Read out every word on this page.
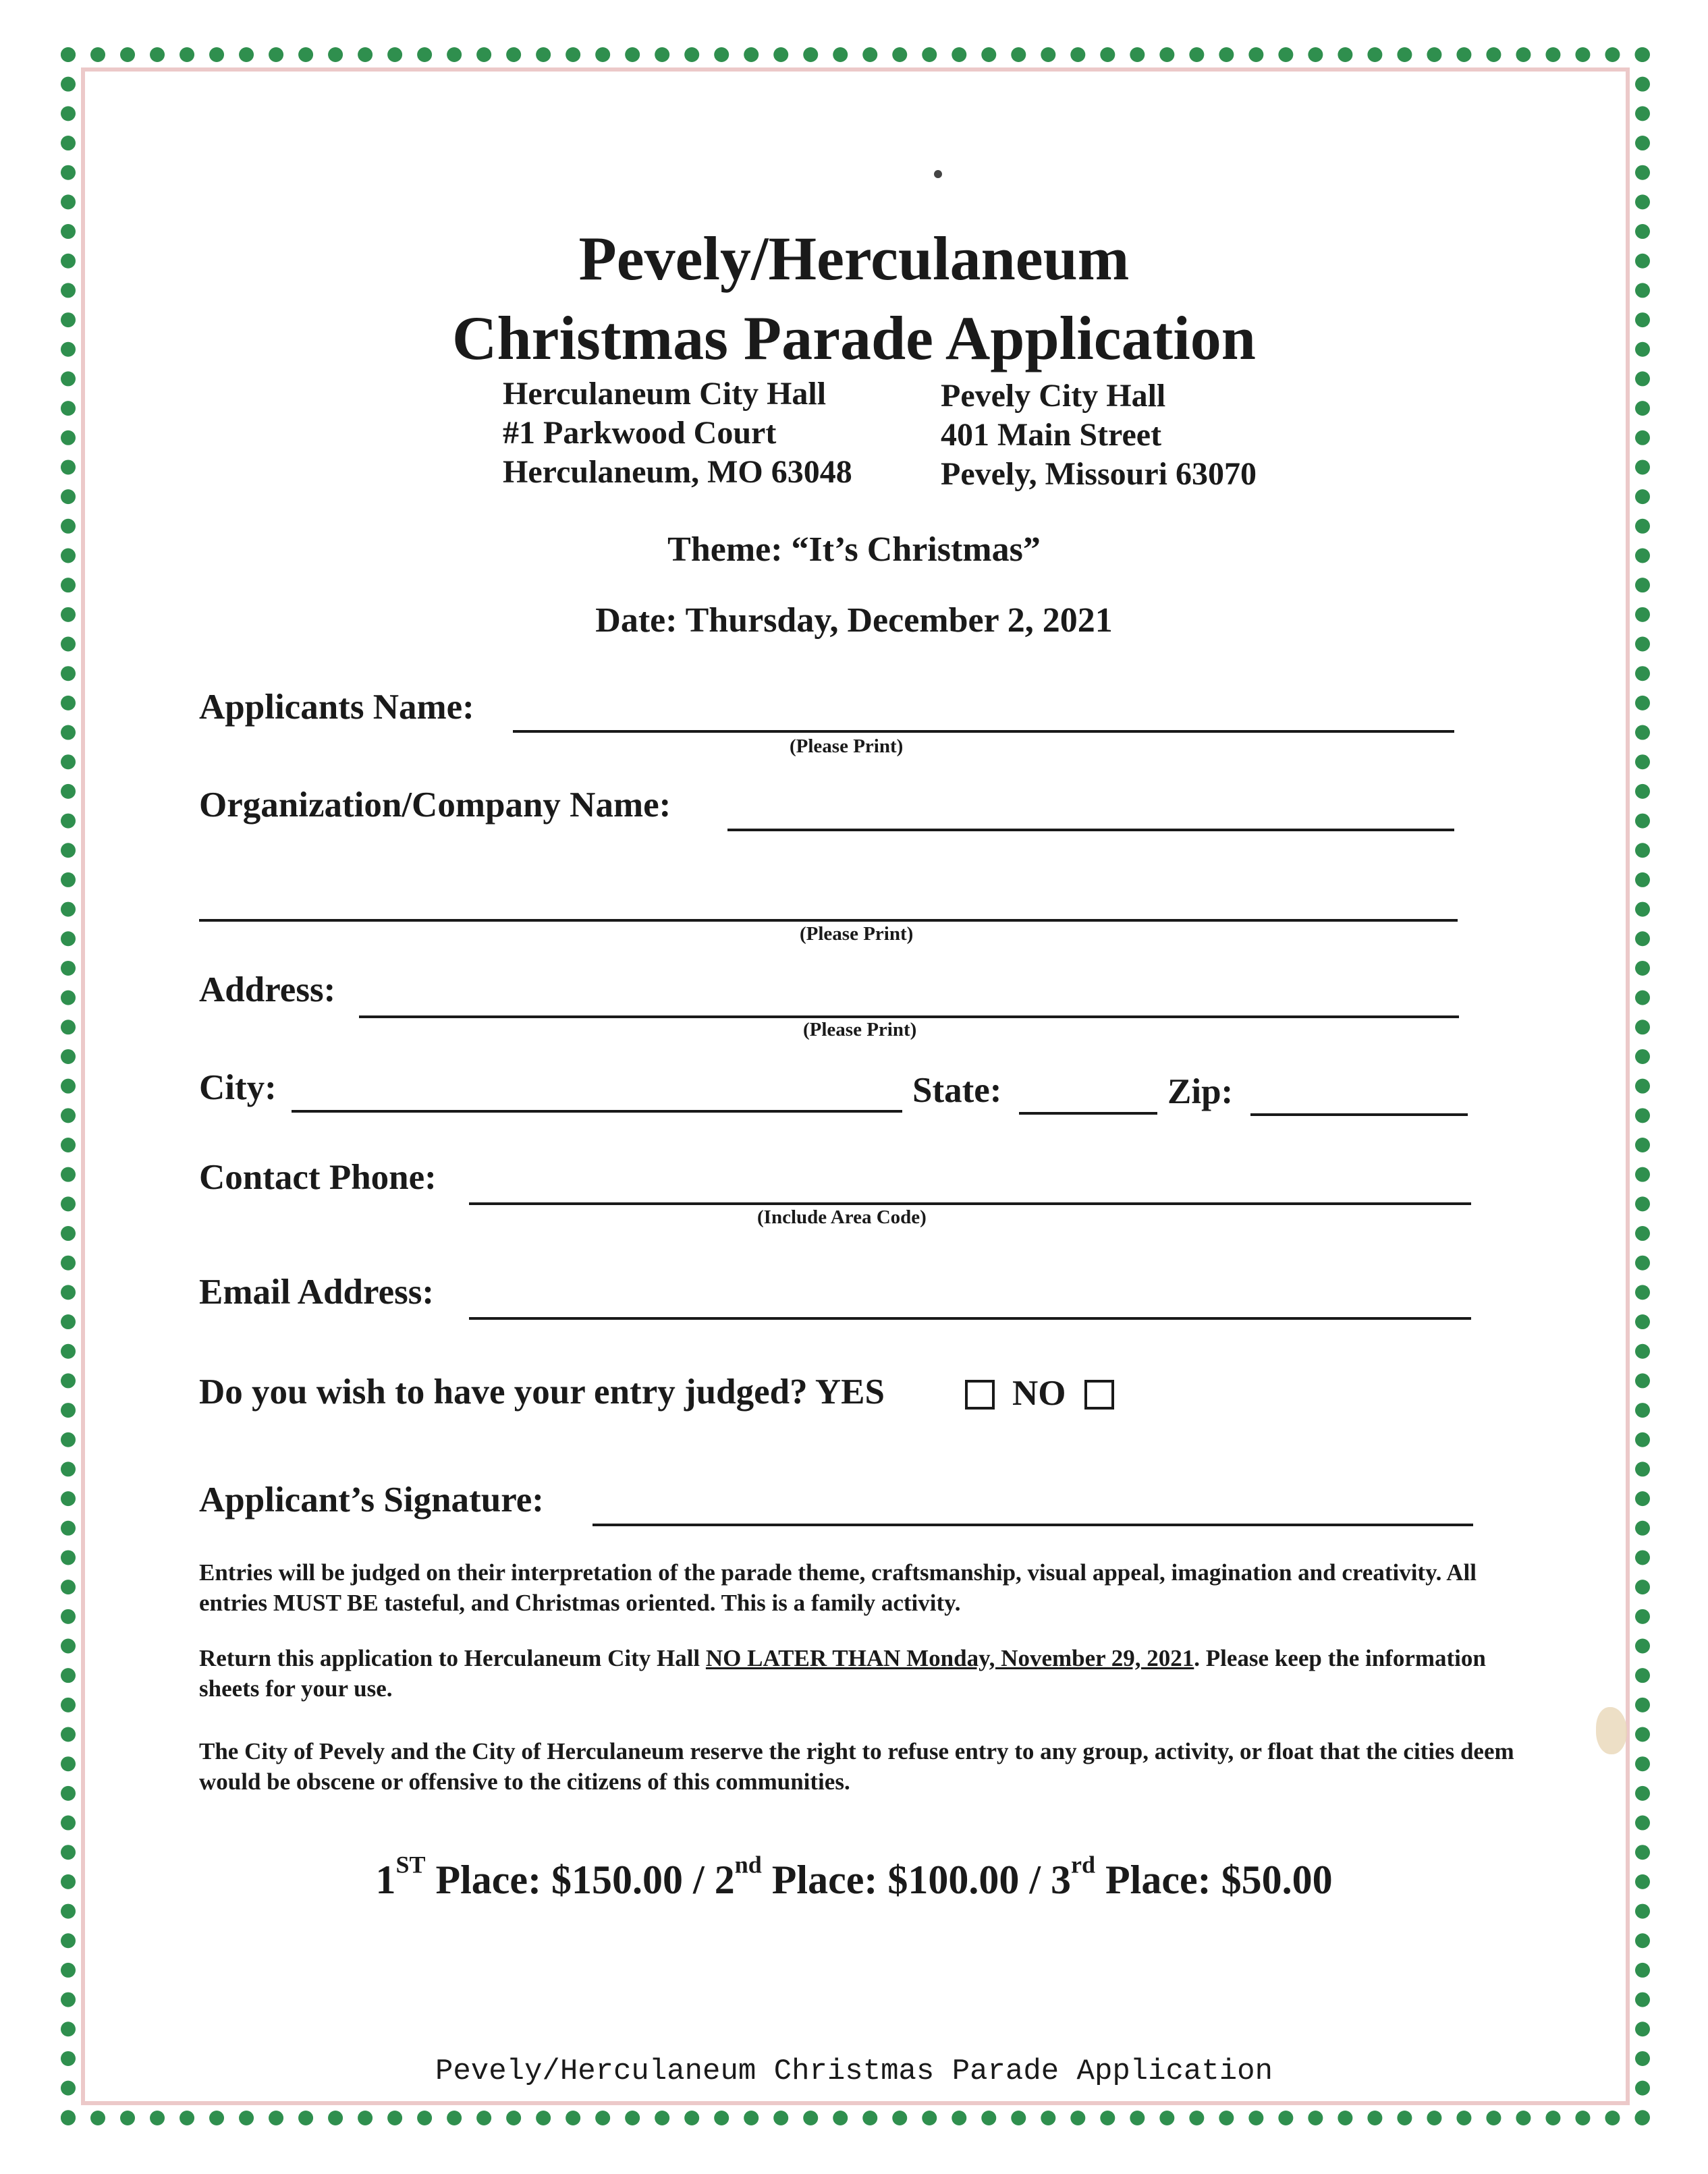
Pevely/Herculaneum
Christmas Parade Application
Herculaneum City Hall
#1 Parkwood Court
Herculaneum, MO 63048
Pevely City Hall
401 Main Street
Pevely, Missouri 63070
Theme: “It’s Christmas”
Date: Thursday, December 2, 2021
Applicants Name:
(Please Print)
Organization/Company Name:
(Please Print)
Address:
(Please Print)
City:	State:	Zip:
Contact Phone:
(Include Area Code)
Email Address:
Do you wish to have your entry judged? YES	NO
Applicant’s Signature:
Entries will be judged on their interpretation of the parade theme, craftsmanship, visual appeal, imagination and creativity. All entries MUST BE tasteful, and Christmas oriented. This is a family activity.
Return this application to Herculaneum City Hall NO LATER THAN Monday, November 29, 2021. Please keep the information sheets for your use.
The City of Pevely and the City of Herculaneum reserve the right to refuse entry to any group, activity, or float that the cities deem would be obscene or offensive to the citizens of this communities.
1ST Place: $150.00 / 2nd Place: $100.00 / 3rd Place: $50.00
Pevely/Herculaneum Christmas Parade Application
